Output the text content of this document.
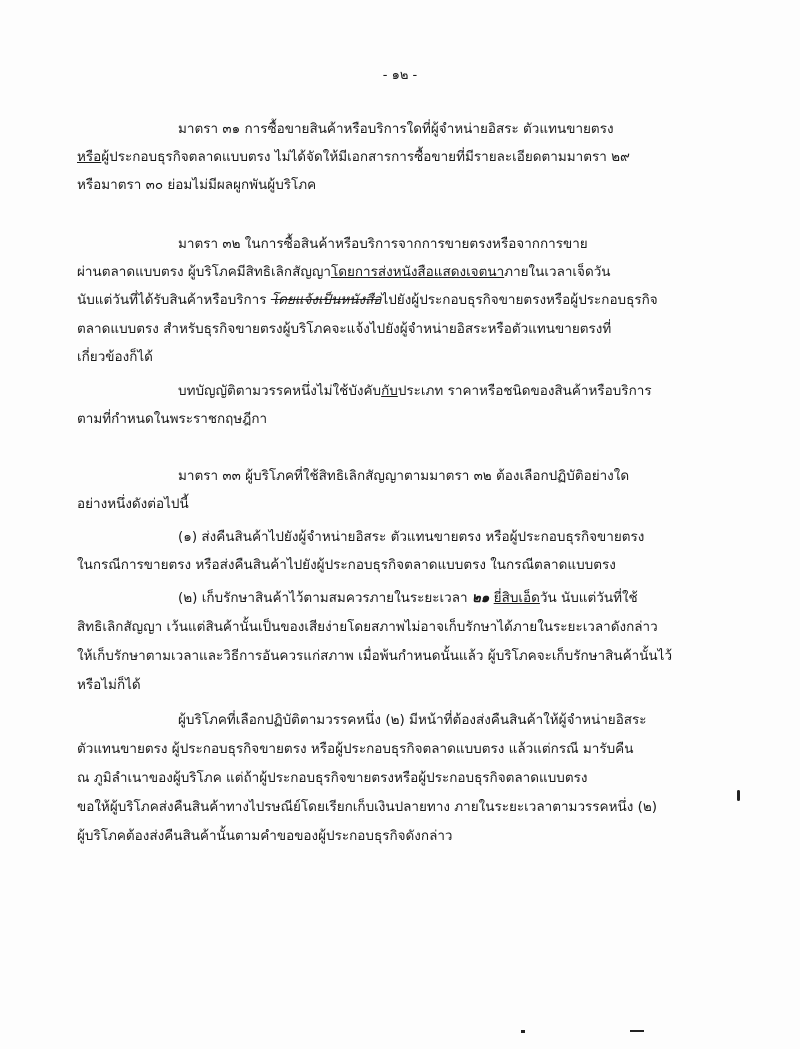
- ๑๒ -
มาตรา ๓๑ การซื้อขายสินค้าหรือบริการใดที่ผู้จำหน่ายอิสระ ตัวแทนขายตรง
หรือผู้ประกอบธุรกิจตลาดแบบตรง ไม่ได้จัดให้มีเอกสารการซื้อขายที่มีรายละเอียดตามมาตรา ๒๙
หรือมาตรา ๓๐ ย่อมไม่มีผลผูกพันผู้บริโภค
มาตรา ๓๒ ในการซื้อสินค้าหรือบริการจากการขายตรงหรือจากการขาย
ผ่านตลาดแบบตรง ผู้บริโภคมีสิทธิเลิกสัญญาโดยการส่งหนังสือแสดงเจตนาภายในเวลาเจ็ดวัน
นับแต่วันที่ได้รับสินค้าหรือบริการ โดยแจ้งเป็นหนังสือไปยังผู้ประกอบธุรกิจขายตรงหรือผู้ประกอบธุรกิจ
ตลาดแบบตรง สำหรับธุรกิจขายตรงผู้บริโภคจะแจ้งไปยังผู้จำหน่ายอิสระหรือตัวแทนขายตรงที่
เกี่ยวข้องก็ได้
บทบัญญัติตามวรรคหนึ่งไม่ใช้บังคับกับประเภท ราคาหรือชนิดของสินค้าหรือบริการ
ตามที่กำหนดในพระราชกฤษฎีกา
มาตรา ๓๓ ผู้บริโภคที่ใช้สิทธิเลิกสัญญาตามมาตรา ๓๒ ต้องเลือกปฏิบัติอย่างใด
อย่างหนึ่งดังต่อไปนี้
(๑) ส่งคืนสินค้าไปยังผู้จำหน่ายอิสระ ตัวแทนขายตรง หรือผู้ประกอบธุรกิจขายตรง
ในกรณีการขายตรง หรือส่งคืนสินค้าไปยังผู้ประกอบธุรกิจตลาดแบบตรง ในกรณีตลาดแบบตรง
(๒) เก็บรักษาสินค้าไว้ตามสมควรภายในระยะเวลา ๒๑ ยี่สิบเอ็ดวัน นับแต่วันที่ใช้
สิทธิเลิกสัญญา เว้นแต่สินค้านั้นเป็นของเสียง่ายโดยสภาพไม่อาจเก็บรักษาได้ภายในระยะเวลาดังกล่าว
ให้เก็บรักษาตามเวลาและวิธีการอันควรแก่สภาพ เมื่อพ้นกำหนดนั้นแล้ว ผู้บริโภคจะเก็บรักษาสินค้านั้นไว้
หรือไม่ก็ได้
ผู้บริโภคที่เลือกปฏิบัติตามวรรคหนึ่ง (๒) มีหน้าที่ต้องส่งคืนสินค้าให้ผู้จำหน่ายอิสระ
ตัวแทนขายตรง ผู้ประกอบธุรกิจขายตรง หรือผู้ประกอบธุรกิจตลาดแบบตรง แล้วแต่กรณี มารับคืน
ณ ภูมิลำเนาของผู้บริโภค แต่ถ้าผู้ประกอบธุรกิจขายตรงหรือผู้ประกอบธุรกิจตลาดแบบตรง
ขอให้ผู้บริโภคส่งคืนสินค้าทางไปรษณีย์โดยเรียกเก็บเงินปลายทาง ภายในระยะเวลาตามวรรคหนึ่ง (๒)
ผู้บริโภคต้องส่งคืนสินค้านั้นตามคำขอของผู้ประกอบธุรกิจดังกล่าว
